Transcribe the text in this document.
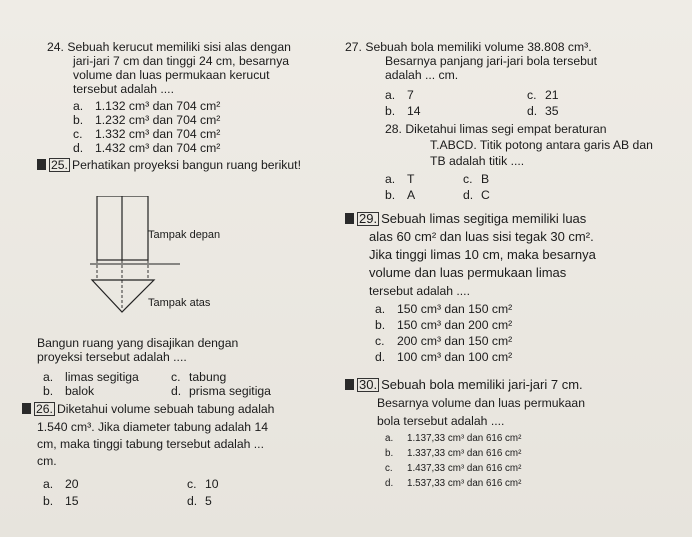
24. Sebuah kerucut memiliki sisi alas dengan
jari-jari 7 cm dan tinggi 24 cm, besarnya
volume dan luas permukaan kerucut
tersebut adalah ....
a. 1.132 cm³ dan 704 cm²
b. 1.232 cm³ dan 704 cm²
c. 1.332 cm³ dan 704 cm²
d. 1.432 cm³ dan 704 cm²
25. Perhatikan proyeksi bangun ruang berikut!
Tampak depan
Tampak atas
Bangun ruang yang disajikan dengan
proyeksi tersebut adalah ....
a. limas segitiga	c. tabung
b. balok	d. prisma segitiga
26. Diketahui volume sebuah tabung adalah
1.540 cm³. Jika diameter tabung adalah 14
cm, maka tinggi tabung tersebut adalah ...
cm.
a. 20	c. 10
b. 15	d. 5
27. Sebuah bola memiliki volume 38.808 cm³.
Besarnya panjang jari-jari bola tersebut
adalah ... cm.
a. 7	c. 21
b. 14	d. 35
28. Diketahui limas segi empat beraturan
T.ABCD. Titik potong antara garis AB dan
TB adalah titik ....
a. T	c. B
b. A	d. C
29. Sebuah limas segitiga memiliki luas
alas 60 cm² dan luas sisi tegak 30 cm².
Jika tinggi limas 10 cm, maka besarnya
volume dan luas permukaan limas
tersebut adalah ....
a. 150 cm³ dan 150 cm²
b. 150 cm³ dan 200 cm²
c. 200 cm³ dan 150 cm²
d. 100 cm³ dan 100 cm²
30. Sebuah bola memiliki jari-jari 7 cm.
Besarnya volume dan luas permukaan
bola tersebut adalah ....
a. 1.137,33 cm³ dan 616 cm²
b. 1.337,33 cm³ dan 616 cm²
c. 1.437,33 cm³ dan 616 cm²
d. 1.537,33 cm³ dan 616 cm²
